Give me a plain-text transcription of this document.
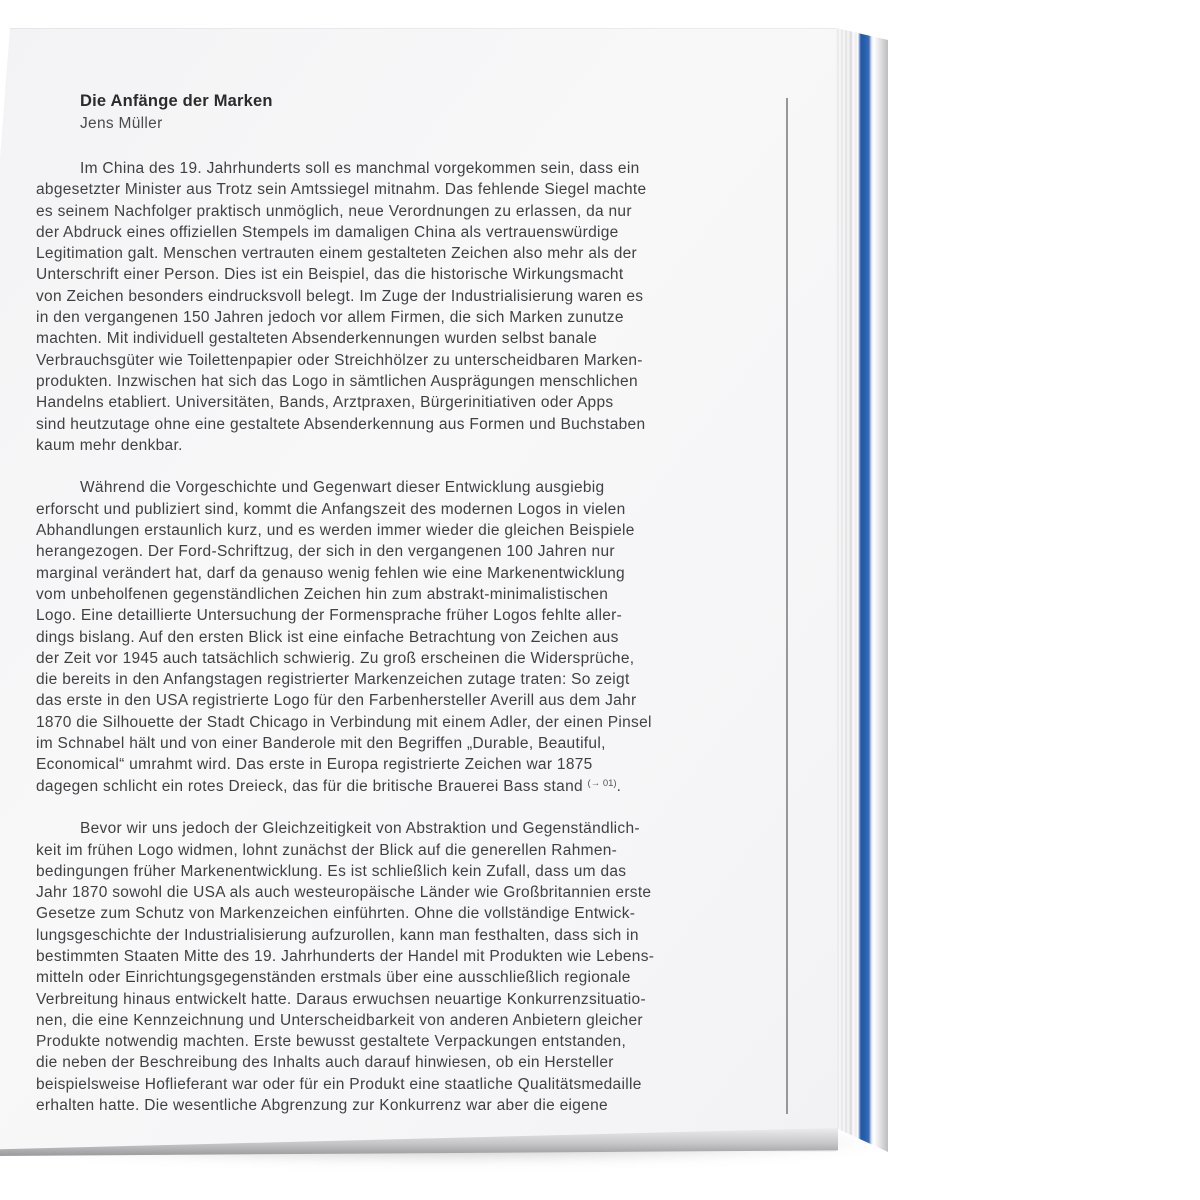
Die Anfänge der Marken
Jens Müller
Im China des 19. Jahrhunderts soll es manchmal vorgekommen sein, dass ein
abgesetzter Minister aus Trotz sein Amtssiegel mitnahm. Das fehlende Siegel machte
es seinem Nachfolger praktisch unmöglich, neue Verordnungen zu erlassen, da nur
der Abdruck eines offiziellen Stempels im damaligen China als vertrauenswürdige
Legitimation galt. Menschen vertrauten einem gestalteten Zeichen also mehr als der
Unterschrift einer Person. Dies ist ein Beispiel, das die historische Wirkungsmacht
von Zeichen besonders eindrucksvoll belegt. Im Zuge der Industrialisierung waren es
in den vergangenen 150 Jahren jedoch vor allem Firmen, die sich Marken zunutze
machten. Mit individuell gestalteten Absenderkennungen wurden selbst banale
Verbrauchsgüter wie Toilettenpapier oder Streichhölzer zu unterscheidbaren Marken-
produkten. Inzwischen hat sich das Logo in sämtlichen Ausprägungen menschlichen
Handelns etabliert. Universitäten, Bands, Arztpraxen, Bürgerinitiativen oder Apps
sind heutzutage ohne eine gestaltete Absenderkennung aus Formen und Buchstaben
kaum mehr denkbar.
Während die Vorgeschichte und Gegenwart dieser Entwicklung ausgiebig
erforscht und publiziert sind, kommt die Anfangszeit des modernen Logos in vielen
Abhandlungen erstaunlich kurz, und es werden immer wieder die gleichen Beispiele
herangezogen. Der Ford-Schriftzug, der sich in den vergangenen 100 Jahren nur
marginal verändert hat, darf da genauso wenig fehlen wie eine Markenentwicklung
vom unbeholfenen gegenständlichen Zeichen hin zum abstrakt-minimalistischen
Logo. Eine detaillierte Untersuchung der Formensprache früher Logos fehlte aller-
dings bislang. Auf den ersten Blick ist eine einfache Betrachtung von Zeichen aus
der Zeit vor 1945 auch tatsächlich schwierig. Zu groß erscheinen die Widersprüche,
die bereits in den Anfangstagen registrierter Markenzeichen zutage traten: So zeigt
das erste in den USA registrierte Logo für den Farbenhersteller Averill aus dem Jahr
1870 die Silhouette der Stadt Chicago in Verbindung mit einem Adler, der einen Pinsel
im Schnabel hält und von einer Banderole mit den Begriffen „Durable, Beautiful,
Economical“ umrahmt wird. Das erste in Europa registrierte Zeichen war 1875
dagegen schlicht ein rotes Dreieck, das für die britische Brauerei Bass stand $^{(\to 01)}$.
Bevor wir uns jedoch der Gleichzeitigkeit von Abstraktion und Gegenständlich-
keit im frühen Logo widmen, lohnt zunächst der Blick auf die generellen Rahmen-
bedingungen früher Markenentwicklung. Es ist schließlich kein Zufall, dass um das
Jahr 1870 sowohl die USA als auch westeuropäische Länder wie Großbritannien erste
Gesetze zum Schutz von Markenzeichen einführten. Ohne die vollständige Entwick-
lungsgeschichte der Industrialisierung aufzurollen, kann man festhalten, dass sich in
bestimmten Staaten Mitte des 19. Jahrhunderts der Handel mit Produkten wie Lebens-
mitteln oder Einrichtungsgegenständen erstmals über eine ausschließlich regionale
Verbreitung hinaus entwickelt hatte. Daraus erwuchsen neuartige Konkurrenzsituatio-
nen, die eine Kennzeichnung und Unterscheidbarkeit von anderen Anbietern gleicher
Produkte notwendig machten. Erste bewusst gestaltete Verpackungen entstanden,
die neben der Beschreibung des Inhalts auch darauf hinwiesen, ob ein Hersteller
beispielsweise Hoflieferant war oder für ein Produkt eine staatliche Qualitätsmedaille
erhalten hatte. Die wesentliche Abgrenzung zur Konkurrenz war aber die eigene
